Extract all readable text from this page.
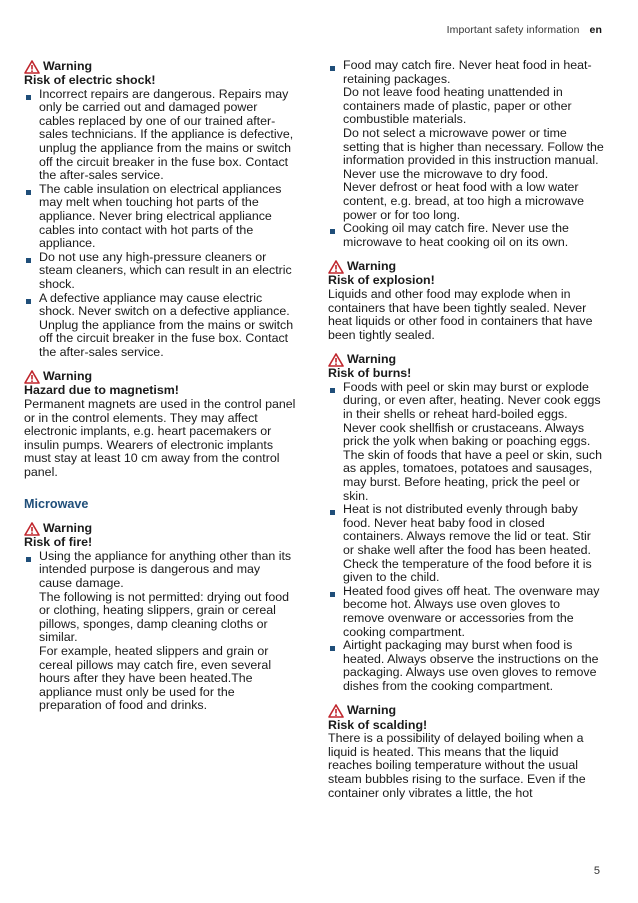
Important safety information en
Warning
Risk of electric shock!
Incorrect repairs are dangerous. Repairs may only be carried out and damaged power cables replaced by one of our trained after-sales technicians. If the appliance is defective, unplug the appliance from the mains or switch off the circuit breaker in the fuse box. Contact the after-sales service.
The cable insulation on electrical appliances may melt when touching hot parts of the appliance. Never bring electrical appliance cables into contact with hot parts of the appliance.
Do not use any high-pressure cleaners or steam cleaners, which can result in an electric shock.
A defective appliance may cause electric shock. Never switch on a defective appliance. Unplug the appliance from the mains or switch off the circuit breaker in the fuse box. Contact the after-sales service.
Warning
Hazard due to magnetism!
Permanent magnets are used in the control panel or in the control elements. They may affect electronic implants, e.g. heart pacemakers or insulin pumps. Wearers of electronic implants must stay at least 10 cm away from the control panel.
Microwave
Warning
Risk of fire!
Using the appliance for anything other than its intended purpose is dangerous and may cause damage.
The following is not permitted: drying out food or clothing, heating slippers, grain or cereal pillows, sponges, damp cleaning cloths or similar.
For example, heated slippers and grain or cereal pillows may catch fire, even several hours after they have been heated.The appliance must only be used for the preparation of food and drinks.
Food may catch fire. Never heat food in heat-retaining packages.
Do not leave food heating unattended in containers made of plastic, paper or other combustible materials.
Do not select a microwave power or time setting that is higher than necessary. Follow the information provided in this instruction manual.
Never use the microwave to dry food.
Never defrost or heat food with a low water content, e.g. bread, at too high a microwave power or for too long.
Cooking oil may catch fire. Never use the microwave to heat cooking oil on its own.
Warning
Risk of explosion!
Liquids and other food may explode when in containers that have been tightly sealed. Never heat liquids or other food in containers that have been tightly sealed.
Warning
Risk of burns!
Foods with peel or skin may burst or explode during, or even after, heating. Never cook eggs in their shells or reheat hard-boiled eggs. Never cook shellfish or crustaceans. Always prick the yolk when baking or poaching eggs. The skin of foods that have a peel or skin, such as apples, tomatoes, potatoes and sausages, may burst. Before heating, prick the peel or skin.
Heat is not distributed evenly through baby food. Never heat baby food in closed containers. Always remove the lid or teat. Stir or shake well after the food has been heated. Check the temperature of the food before it is given to the child.
Heated food gives off heat. The ovenware may become hot. Always use oven gloves to remove ovenware or accessories from the cooking compartment.
Airtight packaging may burst when food is heated. Always observe the instructions on the packaging. Always use oven gloves to remove dishes from the cooking compartment.
Warning
Risk of scalding!
There is a possibility of delayed boiling when a liquid is heated. This means that the liquid reaches boiling temperature without the usual steam bubbles rising to the surface. Even if the container only vibrates a little, the hot
5
